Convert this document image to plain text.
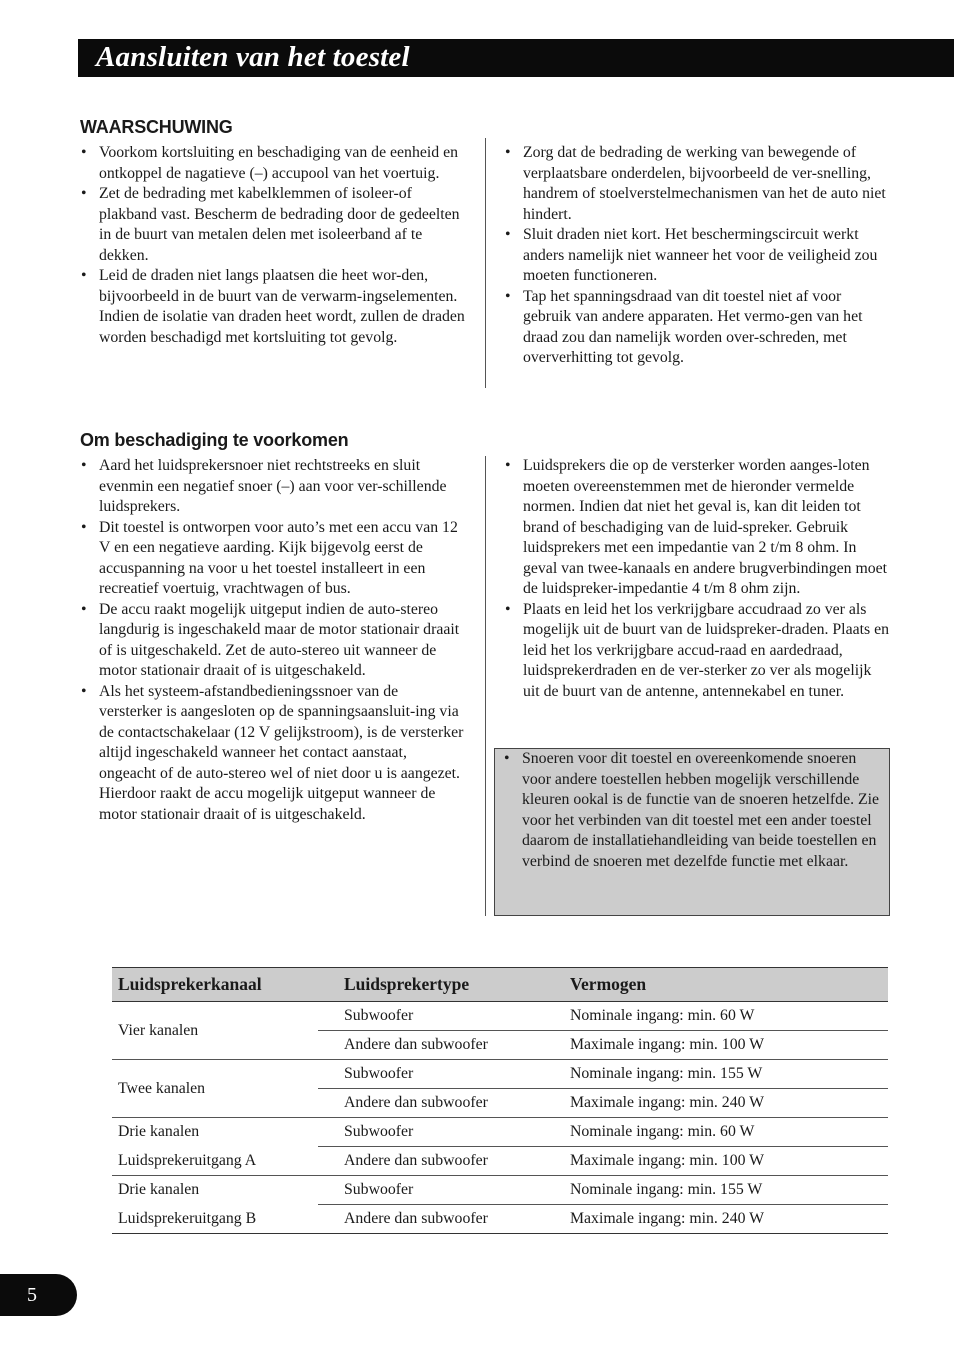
Aansluiten van het toestel
WAARSCHUWING
• Voorkom kortsluiting en beschadiging van de eenheid en ontkoppel de nagatieve (–) accupool van het voertuig.
• Zet de bedrading met kabelklemmen of isoleer-of plakband vast. Bescherm de bedrading door de gedeelten in de buurt van metalen delen met isoleerband af te dekken.
• Leid de draden niet langs plaatsen die heet wor-den, bijvoorbeeld in de buurt van de verwarm-ingselementen. Indien de isolatie van draden heet wordt, zullen de draden worden beschadigd met kortsluiting tot gevolg.
• Zorg dat de bedrading de werking van bewegende of verplaatsbare onderdelen, bijvoorbeeld de ver-snelling, handrem of stoelverstelmechanismen van het de auto niet hindert.
• Sluit draden niet kort. Het beschermingscircuit werkt anders namelijk niet wanneer het voor de veiligheid zou moeten functioneren.
• Tap het spanningsdraad van dit toestel niet af voor gebruik van andere apparaten. Het vermo-gen van het draad zou dan namelijk worden over-schreden, met oververhitting tot gevolg.
Om beschadiging te voorkomen
• Aard het luidsprekersnoer niet rechtstreeks en sluit evenmin een negatief snoer (–) aan voor ver-schillende luidsprekers.
• Dit toestel is ontworpen voor auto’s met een accu van 12 V en een negatieve aarding. Kijk bijgevolg eerst de accuspanning na voor u het toestel installeert in een recreatief voertuig, vrachtwagen of bus.
• De accu raakt mogelijk uitgeput indien de auto-stereo langdurig is ingeschakeld maar de motor stationair draait of is uitgeschakeld. Zet de auto-stereo uit wanneer de motor stationair draait of is uitgeschakeld.
• Als het systeem-afstandbedieningssnoer van de versterker is aangesloten op de spanningsaansluit-ing via de contactschakelaar (12 V gelijkstroom), is de versterker altijd ingeschakeld wanneer het contact aanstaat, ongeacht of de auto-stereo wel of niet door u is aangezet. Hierdoor raakt de accu mogelijk uitgeput wanneer de motor stationair draait of is uitgeschakeld.
• Luidsprekers die op de versterker worden aanges-loten moeten overeenstemmen met de hieronder vermelde normen. Indien dat niet het geval is, kan dit leiden tot brand of beschadiging van de luid-spreker. Gebruik luidsprekers met een impedantie van 2 t/m 8 ohm. In geval van twee-kanaals en andere brugverbindingen moet de luidspreker-impedantie 4 t/m 8 ohm zijn.
• Plaats en leid het los verkrijgbare accudraad zo ver als mogelijk uit de buurt van de luidspreker-draden. Plaats en leid het los verkrijgbare accud-raad en aardedraad, luidsprekerdraden en de ver-sterker zo ver als mogelijk uit de buurt van de antenne, antennekabel en tuner.
• Snoeren voor dit toestel en overeenkomende snoeren voor andere toestellen hebben mogelijk verschillende kleuren ookal is de functie van de snoeren hetzelfde. Zie voor het verbinden van dit toestel met een ander toestel daarom de installatiehandleiding van beide toestellen en verbind de snoeren met dezelfde functie met elkaar.
Luidsprekerkanaal	Luidsprekertype	Vermogen
Vier kanalen	Subwoofer	Nominale ingang: min. 60 W
	Andere dan subwoofer	Maximale ingang: min. 100 W
Twee kanalen	Subwoofer	Nominale ingang: min. 155 W
	Andere dan subwoofer	Maximale ingang: min. 240 W
Drie kanalen	Subwoofer	Nominale ingang: min. 60 W
Luidsprekeruitgang A	Andere dan subwoofer	Maximale ingang: min. 100 W
Drie kanalen	Subwoofer	Nominale ingang: min. 155 W
Luidsprekeruitgang B	Andere dan subwoofer	Maximale ingang: min. 240 W
5
